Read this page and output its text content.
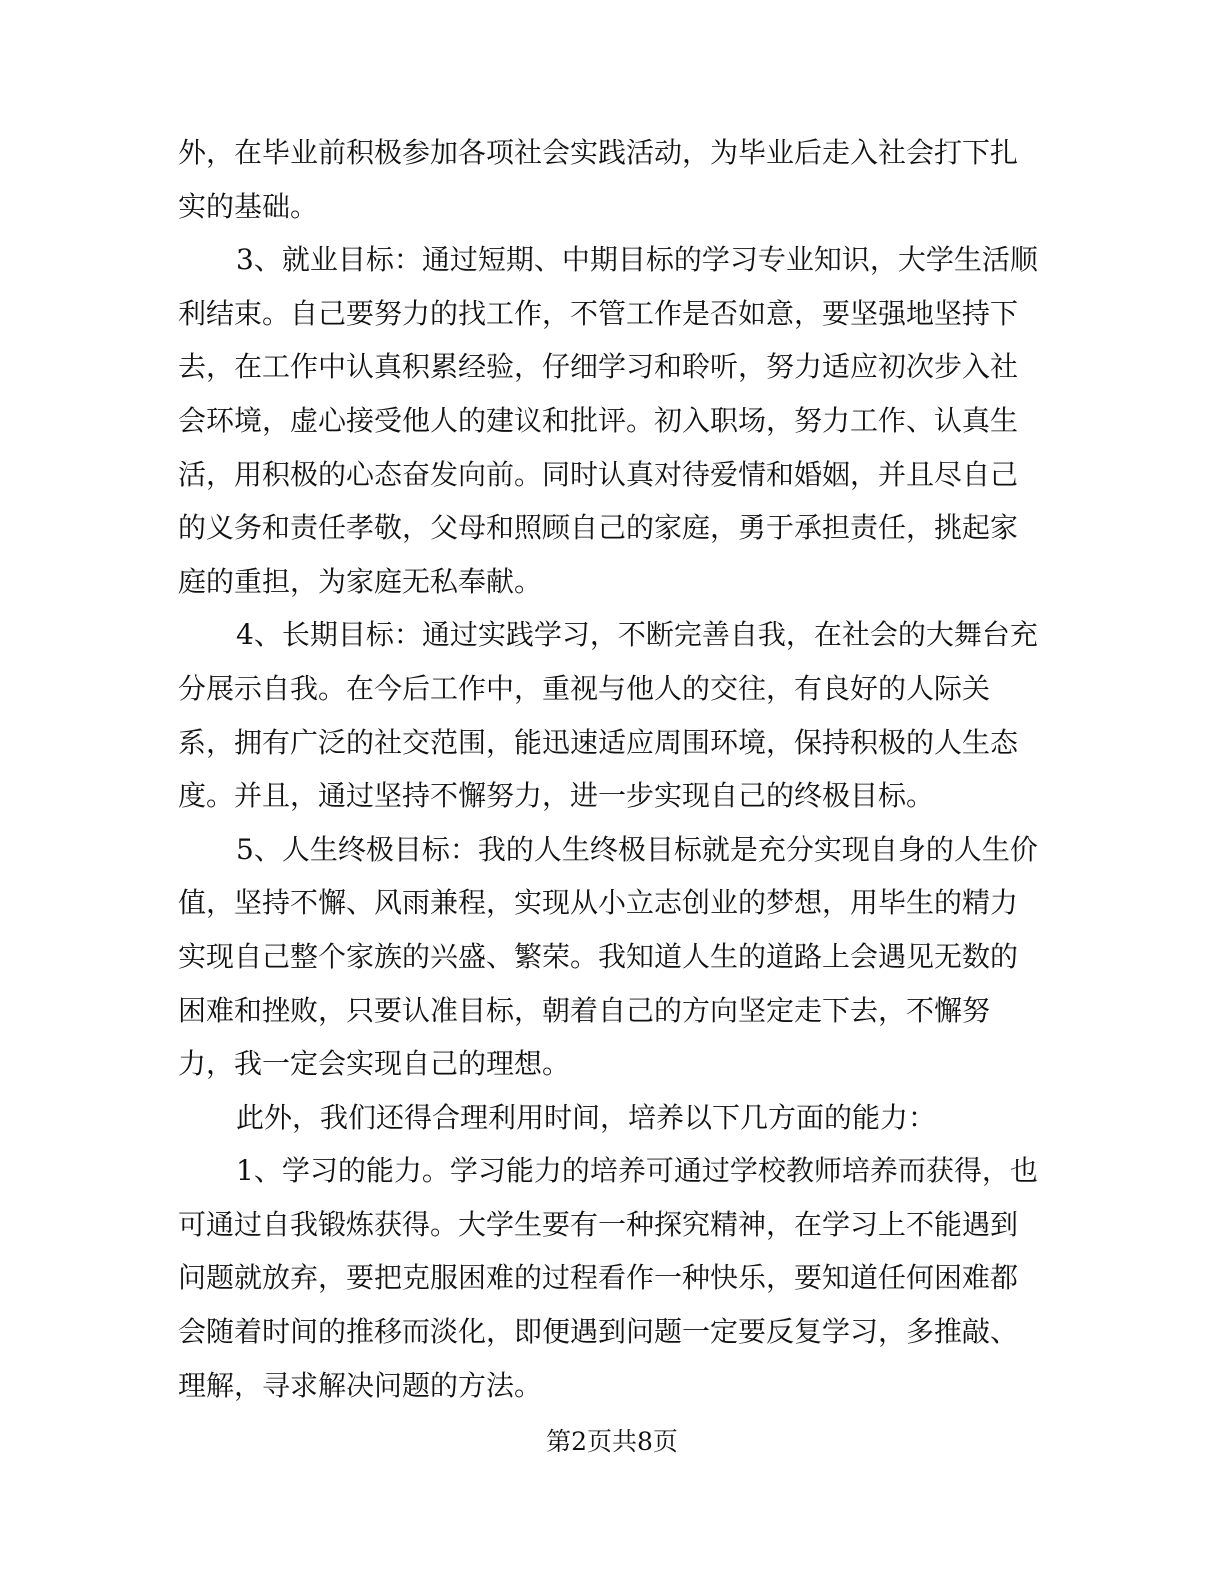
外，在毕业前积极参加各项社会实践活动，为毕业后走入社会打下扎
实的基础。

3、就业目标：通过短期、中期目标的学习专业知识，大学生活顺
利结束。自己要努力的找工作，不管工作是否如意，要坚强地坚持下
去，在工作中认真积累经验，仔细学习和聆听，努力适应初次步入社
会环境，虚心接受他人的建议和批评。初入职场，努力工作、认真生
活，用积极的心态奋发向前。同时认真对待爱情和婚姻，并且尽自己
的义务和责任孝敬，父母和照顾自己的家庭，勇于承担责任，挑起家
庭的重担，为家庭无私奉献。

4、长期目标：通过实践学习，不断完善自我，在社会的大舞台充
分展示自我。在今后工作中，重视与他人的交往，有良好的人际关
系，拥有广泛的社交范围，能迅速适应周围环境，保持积极的人生态
度。并且，通过坚持不懈努力，进一步实现自己的终极目标。

5、人生终极目标：我的人生终极目标就是充分实现自身的人生价
值，坚持不懈、风雨兼程，实现从小立志创业的梦想，用毕生的精力
实现自己整个家族的兴盛、繁荣。我知道人生的道路上会遇见无数的
困难和挫败，只要认准目标，朝着自己的方向坚定走下去，不懈努
力，我一定会实现自己的理想。

此外，我们还得合理利用时间，培养以下几方面的能力：

1、学习的能力。学习能力的培养可通过学校教师培养而获得，也
可通过自我锻炼获得。大学生要有一种探究精神，在学习上不能遇到
问题就放弃，要把克服困难的过程看作一种快乐，要知道任何困难都
会随着时间的推移而淡化，即便遇到问题一定要反复学习，多推敲、
理解，寻求解决问题的方法。

第2页共8页
